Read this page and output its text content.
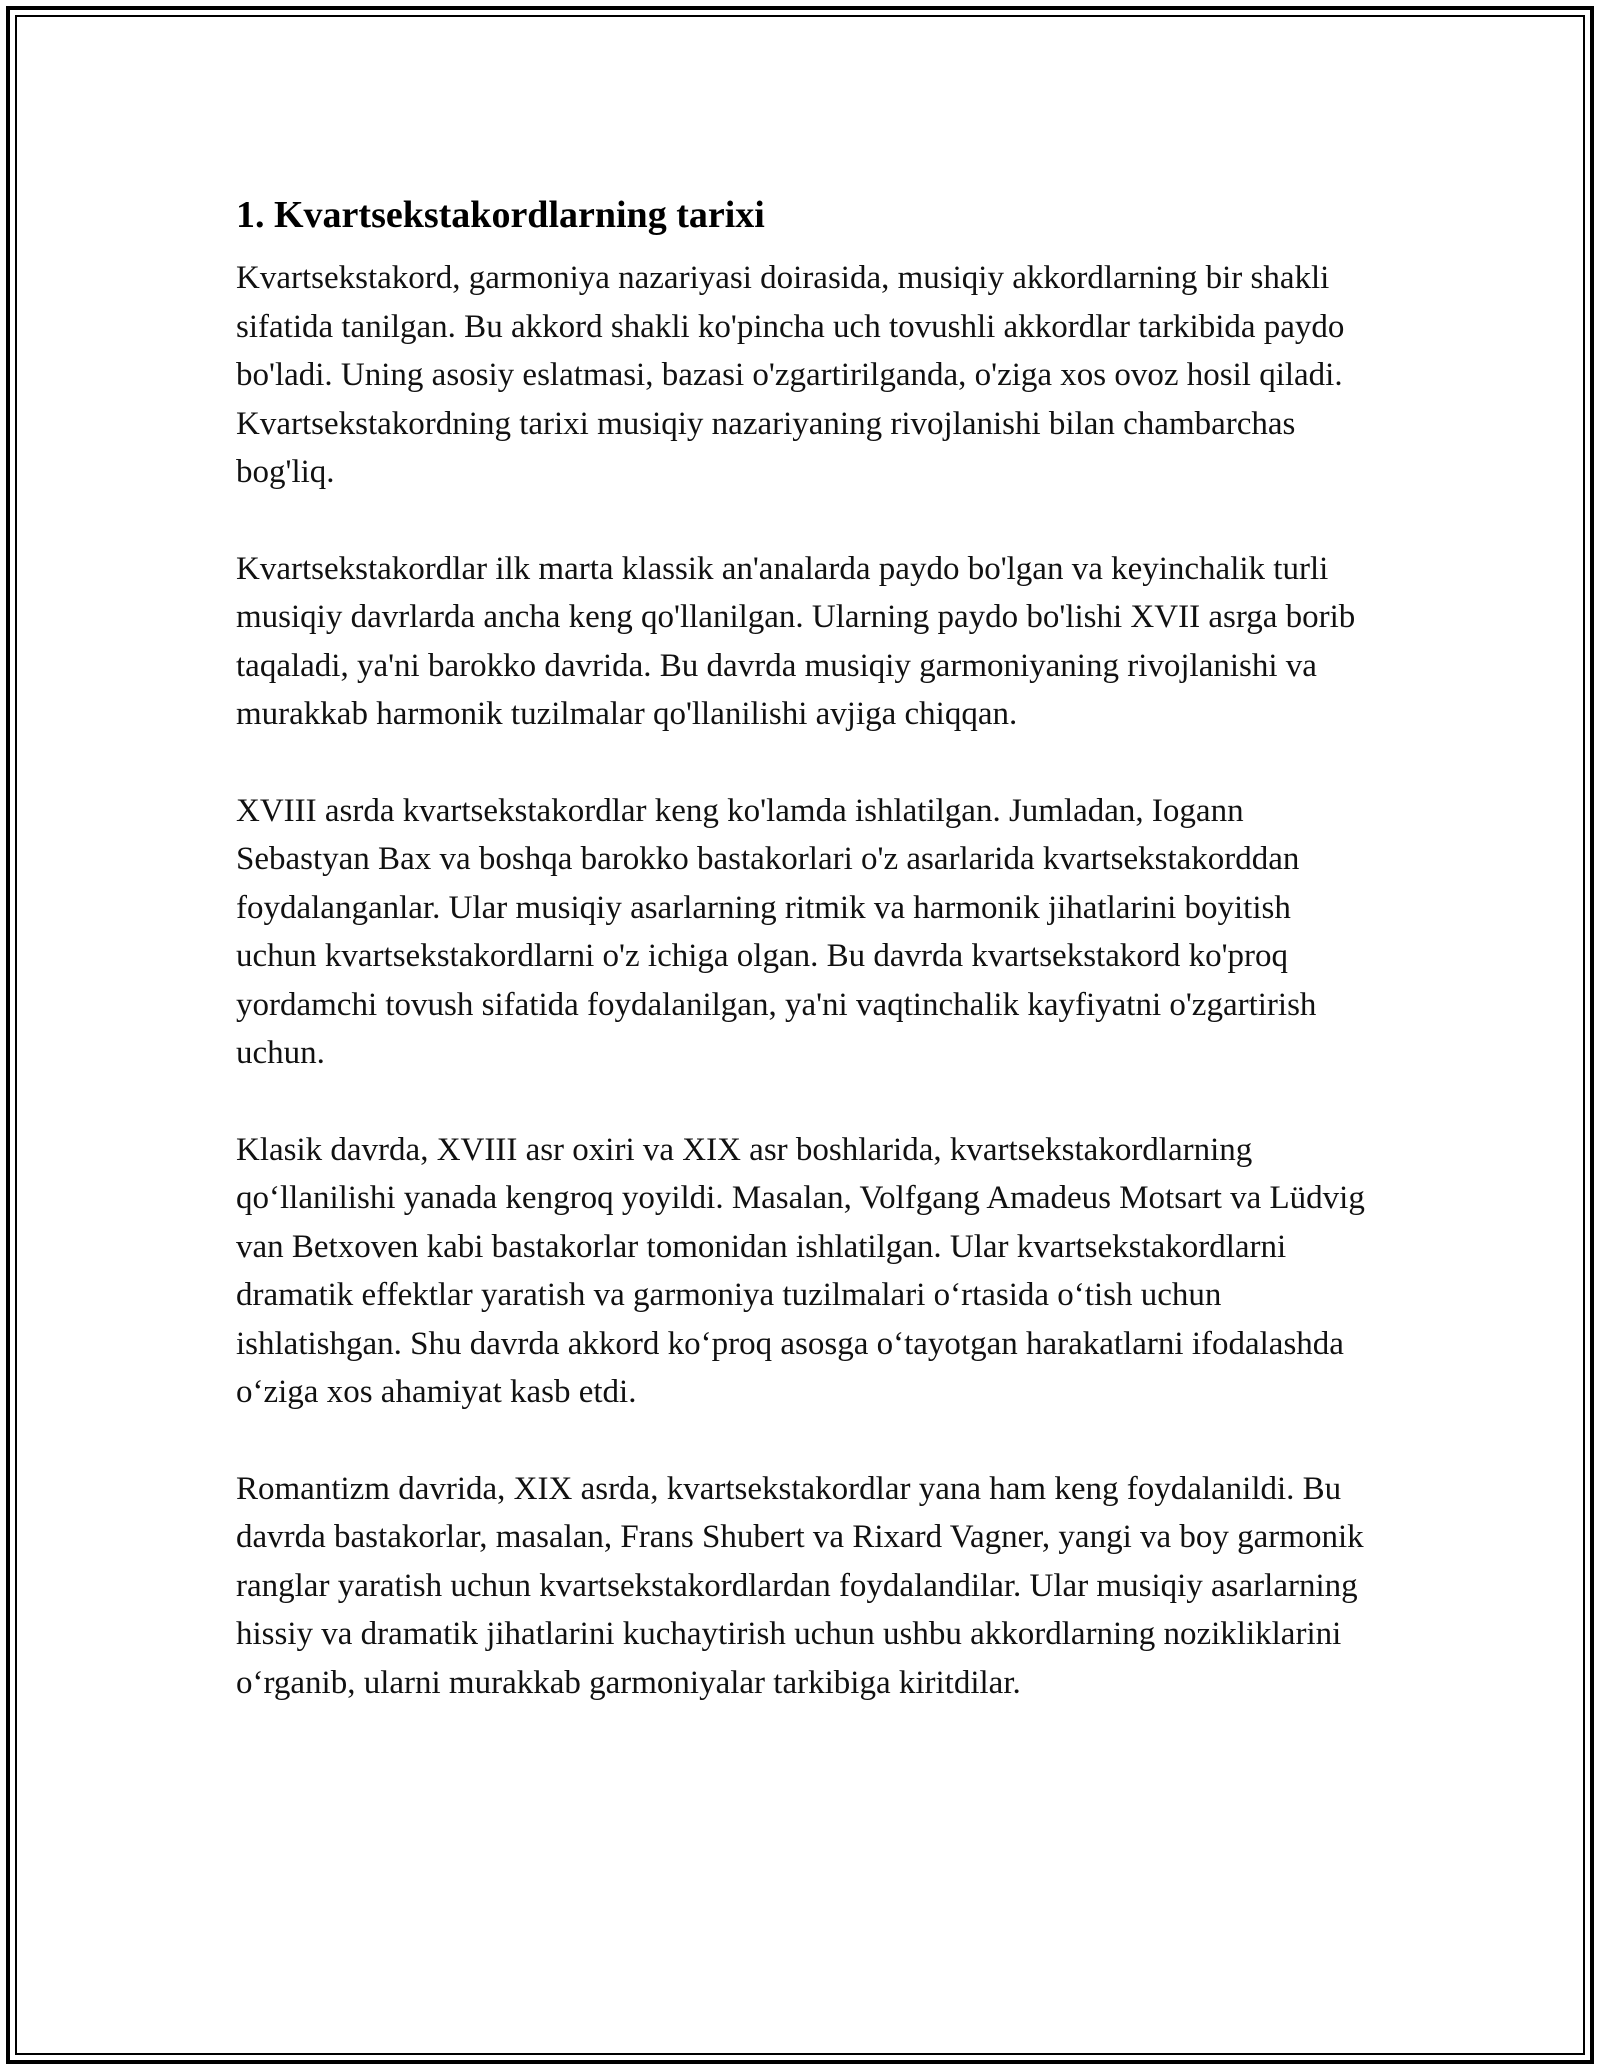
1. Kvartsekstakordlarning tarixi

Kvartsekstakord, garmoniya nazariyasi doirasida, musiqiy akkordlarning bir shakli sifatida tanilgan. Bu akkord shakli ko'pincha uch tovushli akkordlar tarkibida paydo bo'ladi. Uning asosiy eslatmasi, bazasi o'zgartirilganda, o'ziga xos ovoz hosil qiladi. Kvartsekstakordning tarixi musiqiy nazariyaning rivojlanishi bilan chambarchas bog'liq.

Kvartsekstakordlar ilk marta klassik an'analarda paydo bo'lgan va keyinchalik turli musiqiy davrlarda ancha keng qo'llanilgan. Ularning paydo bo'lishi XVII asrga borib taqaladi, ya'ni barokko davrida. Bu davrda musiqiy garmoniyaning rivojlanishi va murakkab harmonik tuzilmalar qo'llanilishi avjiga chiqqan.

XVIII asrda kvartsekstakordlar keng ko'lamda ishlatilgan. Jumladan, Iogann Sebastyan Bax va boshqa barokko bastakorlari o'z asarlarida kvartsekstakorddan foydalanganlar. Ular musiqiy asarlarning ritmik va harmonik jihatlarini boyitish uchun kvartsekstakordlarni o'z ichiga olgan. Bu davrda kvartsekstakord ko'proq yordamchi tovush sifatida foydalanilgan, ya'ni vaqtinchalik kayfiyatni o'zgartirish uchun.

Klasik davrda, XVIII asr oxiri va XIX asr boshlarida, kvartsekstakordlarning qo‘llanilishi yanada kengroq yoyildi. Masalan, Volfgang Amadeus Motsart va Lüdvig van Betxoven kabi bastakorlar tomonidan ishlatilgan. Ular kvartsekstakordlarni dramatik effektlar yaratish va garmoniya tuzilmalari o‘rtasida o‘tish uchun ishlatishgan. Shu davrda akkord ko‘proq asosga o‘tayotgan harakatlarni ifodalashda o‘ziga xos ahamiyat kasb etdi.

Romantizm davrida, XIX asrda, kvartsekstakordlar yana ham keng foydalanildi. Bu davrda bastakorlar, masalan, Frans Shubert va Rixard Vagner, yangi va boy garmonik ranglar yaratish uchun kvartsekstakordlardan foydalandilar. Ular musiqiy asarlarning hissiy va dramatik jihatlarini kuchaytirish uchun ushbu akkordlarning nozikliklarini o‘rganib, ularni murakkab garmoniyalar tarkibiga kiritdilar.
